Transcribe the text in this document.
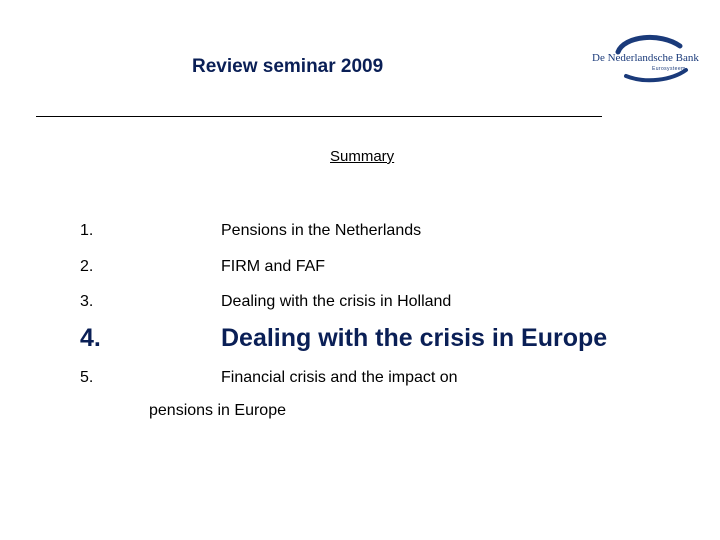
Review seminar 2009	De Nederlandsche Bank
Eurosysteem
Summary
1.	Pensions in the Netherlands
2.	FIRM and FAF
3.	Dealing with the crisis in Holland
4.	Dealing with the crisis in Europe
5.	Financial crisis and the impact on
pensions in Europe
